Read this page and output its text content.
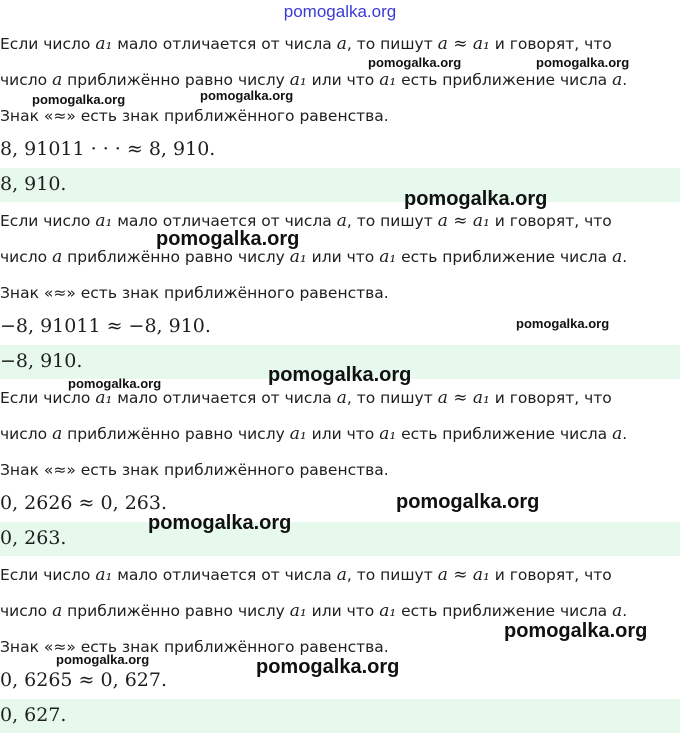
pomogalka.org
Если число a₁ мало отличается от числа a, то пишут a ≈ a₁ и говорят, что
число a приближённо равно числу a₁ или что a₁ есть приближение числа a.
Знак «≈» есть знак приближённого равенства.
8, 91011 · · · ≈ 8, 910.
8, 910.
Если число a₁ мало отличается от числа a, то пишут a ≈ a₁ и говорят, что
число a приближённо равно числу a₁ или что a₁ есть приближение числа a.
Знак «≈» есть знак приближённого равенства.
−8, 91011 ≈ −8, 910.
−8, 910.
Если число a₁ мало отличается от числа a, то пишут a ≈ a₁ и говорят, что
число a приближённо равно числу a₁ или что a₁ есть приближение числа a.
Знак «≈» есть знак приближённого равенства.
0, 2626 ≈ 0, 263.
0, 263.
Если число a₁ мало отличается от числа a, то пишут a ≈ a₁ и говорят, что
число a приближённо равно числу a₁ или что a₁ есть приближение числа a.
Знак «≈» есть знак приближённого равенства.
0, 6265 ≈ 0, 627.
0, 627.
pomogalka.org	pomogalka.org
pomogalka.org	pomogalka.org
pomogalka.org
pomogalka.org
pomogalka.org
pomogalka.org
pomogalka.org
pomogalka.org
pomogalka.org
pomogalka.org
pomogalka.org	pomogalka.org
